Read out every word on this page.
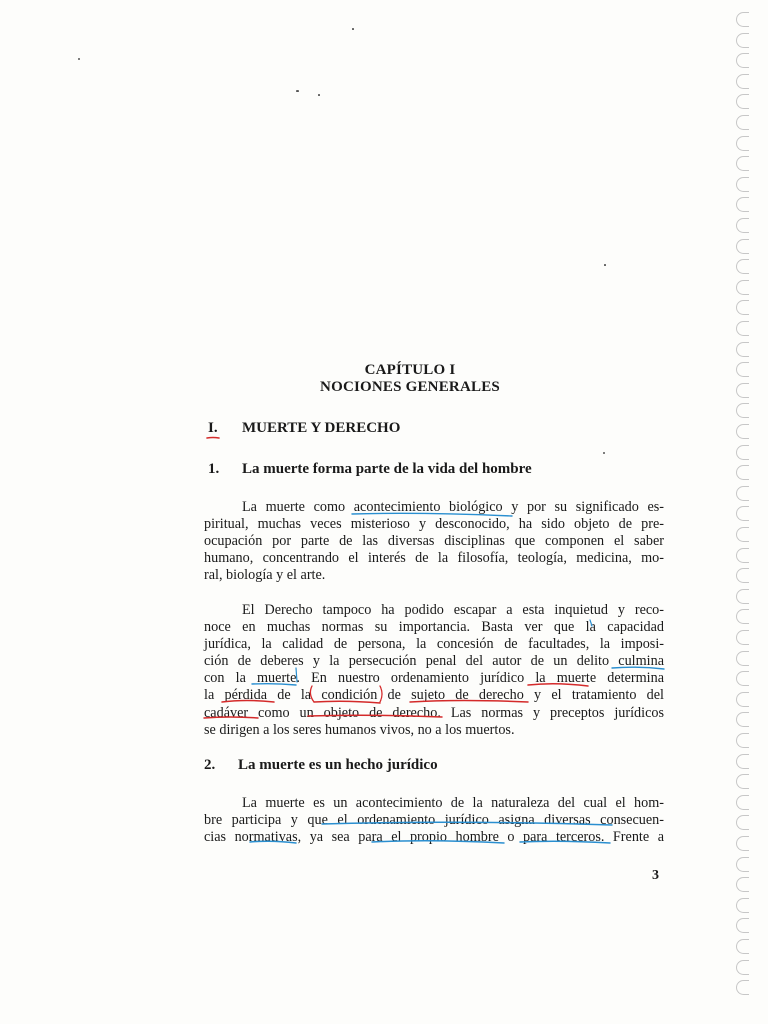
CAPÍTULO I
NOCIONES GENERALES
I. MUERTE Y DERECHO
1. La muerte forma parte de la vida del hombre
La muerte como acontecimiento biológico y por su significado es-
piritual, muchas veces misterioso y desconocido, ha sido objeto de pre-
ocupación por parte de las diversas disciplinas que componen el saber
humano, concentrando el interés de la filosofía, teología, medicina, mo-
ral, biología y el arte.
El Derecho tampoco ha podido escapar a esta inquietud y reco-
noce en muchas normas su importancia. Basta ver que la capacidad
jurídica, la calidad de persona, la concesión de facultades, la imposi-
ción de deberes y la persecución penal del autor de un delito culmina
con la muerte. En nuestro ordenamiento jurídico la muerte determina
la pérdida de la condición de sujeto de derecho y el tratamiento del
cadáver como un objeto de derecho. Las normas y preceptos jurídicos
se dirigen a los seres humanos vivos, no a los muertos.
2. La muerte es un hecho jurídico
La muerte es un acontecimiento de la naturaleza del cual el hom-
bre participa y que el ordenamiento jurídico asigna diversas consecuen-
cias normativas, ya sea para el propio hombre o para terceros. Frente a
3
